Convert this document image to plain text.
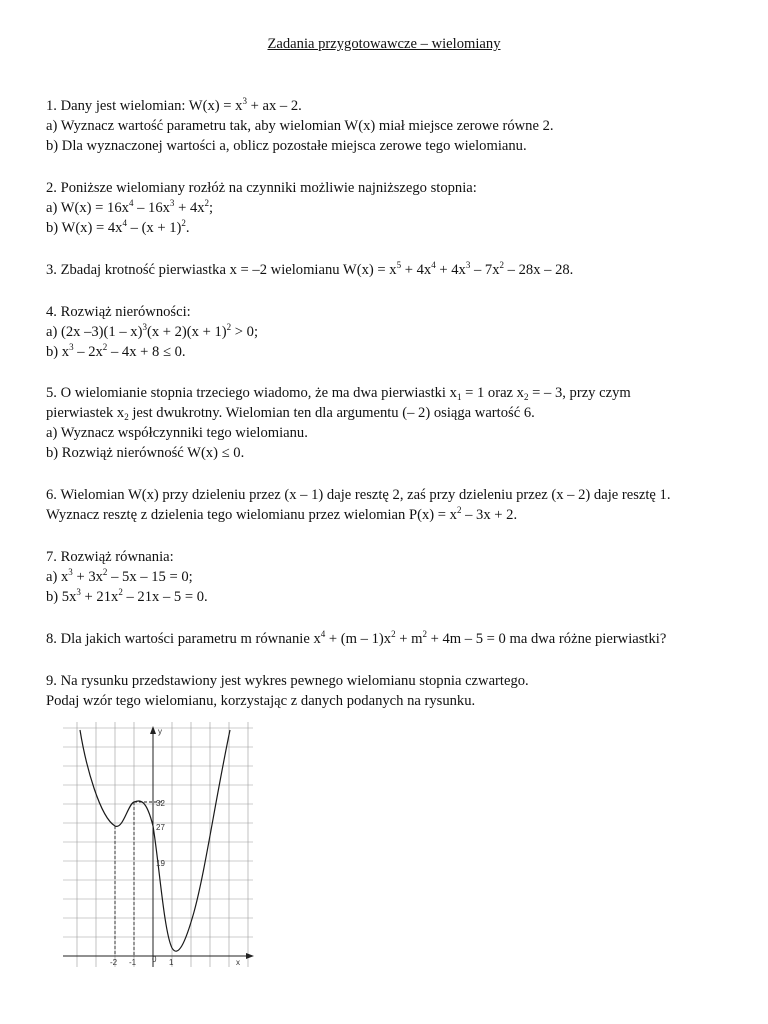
Zadania przygotowawcze – wielomiany
1. Dany jest wielomian: $W(x) = x^3$ + ax – 2.
a) Wyznacz wartość parametru tak, aby wielomian W(x) miał miejsce zerowe równe 2.
b) Dla wyznaczonej wartości a, oblicz pozostałe miejsca zerowe tego wielomianu.
2. Poniższe wielomiany rozłóż na czynniki możliwie najniższego stopnia:
a) $W(x) = 16x^4 - 16x^3 + 4x^2$;
b) $W(x) = 4x^4 - (x + 1)^2$.
3. Zbadaj krotność pierwiastka x = –2 wielomianu $W(x) = x^5 + 4x^4 + 4x^3 - 7x^2 - 28x - 28$.
4. Rozwiąż nierówności:
a) (2x $-3)(1 - x)^3(x + 2)(x + 1)^2 > 0$;
b) $x^3 - 2x^2 - 4x + 8 \le 0$.
5. O wielomianie stopnia trzeciego wiadomo, że ma dwa pierwiastki $x_1 = 1$ oraz $x_2$ = – 3, przy czym
pierwiastek $x_2$ jest dwukrotny. Wielomian ten dla argumentu (– 2) osiąga wartość 6.
a) Wyznacz współczynniki tego wielomianu.
b) Rozwiąż nierówność W(x) ≤ 0.
6. Wielomian W(x) przy dzieleniu przez (x – 1) daje resztę 2, zaś przy dzieleniu przez (x – 2) daje resztę 1.
Wyznacz resztę z dzielenia tego wielomianu przez wielomian $P(x) = x^2 - 3x + 2$.
7. Rozwiąż równania:
a) $x^3 + 3x^2 - 5x - 15 = 0$;
b) $5x^3 + 21x^2 - 21x - 5 = 0$.
8. Dla jakich wartości parametru m równanie $x^4 + (m - 1)x^2 + m^2 + 4m - 5 = 0$ ma dwa różne pierwiastki?
9. Na rysunku przedstawiony jest wykres pewnego wielomianu stopnia czwartego.
Podaj wzór tego wielomianu, korzystając z danych podanych na rysunku.
y
x
32
27
19
-2 -1 0 1
